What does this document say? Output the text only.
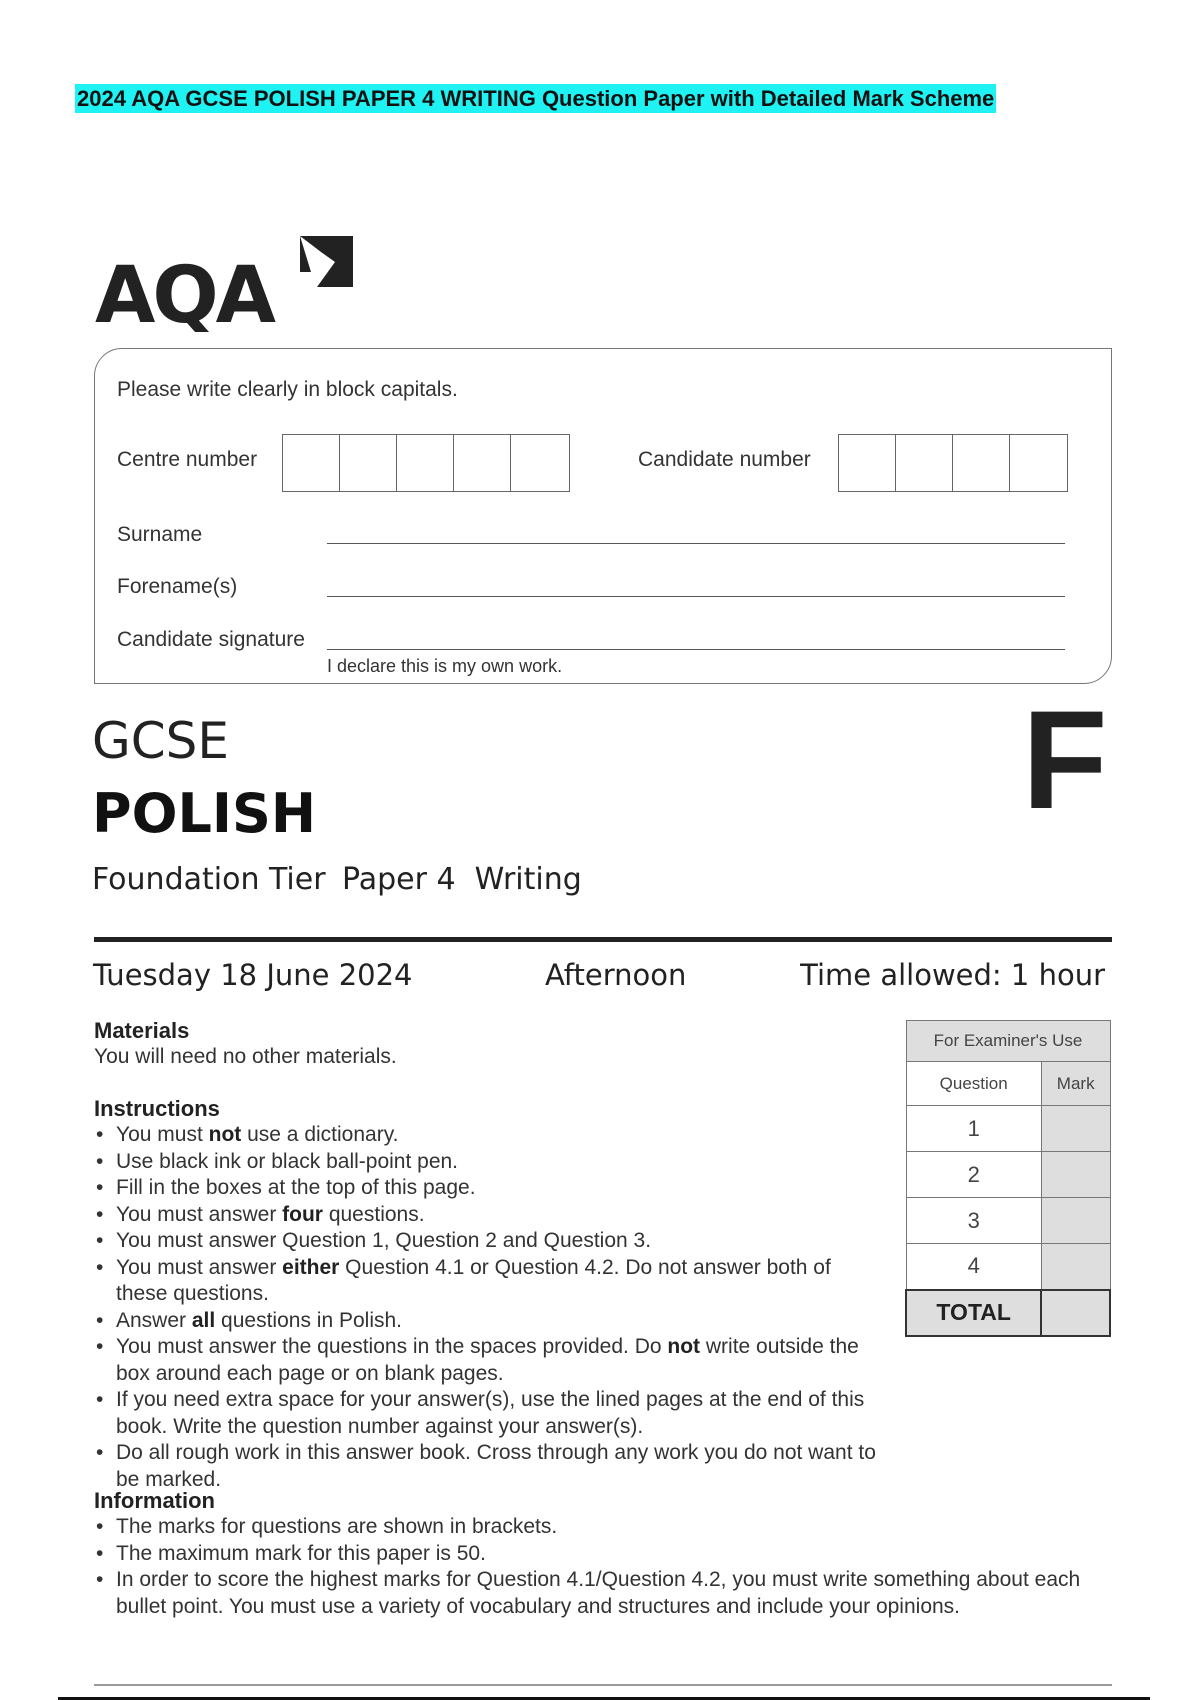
2024 AQA GCSE POLISH PAPER 4 WRITING Question Paper with Detailed Mark Scheme
AQA
Please write clearly in block capitals.
Centre number	Candidate number
Surname
Forename(s)
Candidate signature
I declare this is my own work.
GCSE
POLISH
Foundation Tier Paper 4  Writing
F
Tuesday 18 June 2024	Afternoon	Time allowed: 1 hour
Materials
You will need no other materials.
Instructions
• You must not use a dictionary.
• Use black ink or black ball-point pen.
• Fill in the boxes at the top of this page.
• You must answer four questions.
• You must answer Question 1, Question 2 and Question 3.
• You must answer either Question 4.1 or Question 4.2. Do not answer both of these questions.
• Answer all questions in Polish.
• You must answer the questions in the spaces provided. Do not write outside the box around each page or on blank pages.
• If you need extra space for your answer(s), use the lined pages at the end of this book. Write the question number against your answer(s).
• Do all rough work in this answer book. Cross through any work you do not want to be marked.
Information
• The marks for questions are shown in brackets.
• The maximum mark for this paper is 50.
• In order to score the highest marks for Question 4.1/Question 4.2, you must write something about each bullet point. You must use a variety of vocabulary and structures and include your opinions.
For Examiner's Use	
Question	Mark
1	
2	
3	
4	
TOTAL	
